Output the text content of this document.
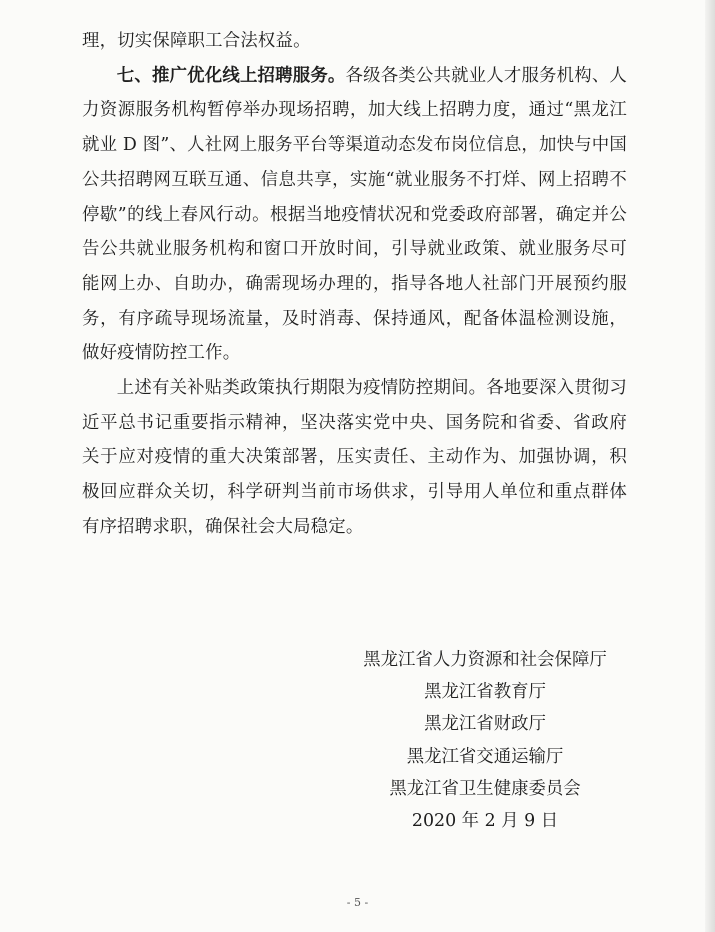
理，切实保障职工合法权益。

七、推广优化线上招聘服务。各级各类公共就业人才服务机构、人力资源服务机构暂停举办现场招聘，加大线上招聘力度，通过“黑龙江就业 D 图”、人社网上服务平台等渠道动态发布岗位信息，加快与中国公共招聘网互联互通、信息共享，实施“就业服务不打烊、网上招聘不停歇”的线上春风行动。根据当地疫情状况和党委政府部署，确定并公告公共就业服务机构和窗口开放时间，引导就业政策、就业服务尽可能网上办、自助办，确需现场办理的，指导各地人社部门开展预约服务，有序疏导现场流量，及时消毒、保持通风，配备体温检测设施，做好疫情防控工作。

上述有关补贴类政策执行期限为疫情防控期间。各地要深入贯彻习近平总书记重要指示精神，坚决落实党中央、国务院和省委、省政府关于应对疫情的重大决策部署，压实责任、主动作为、加强协调，积极回应群众关切，科学研判当前市场供求，引导用人单位和重点群体有序招聘求职，确保社会大局稳定。

黑龙江省人力资源和社会保障厅
黑龙江省教育厅
黑龙江省财政厅
黑龙江省交通运输厅
黑龙江省卫生健康委员会
2020 年 2 月 9 日
- 5 -
